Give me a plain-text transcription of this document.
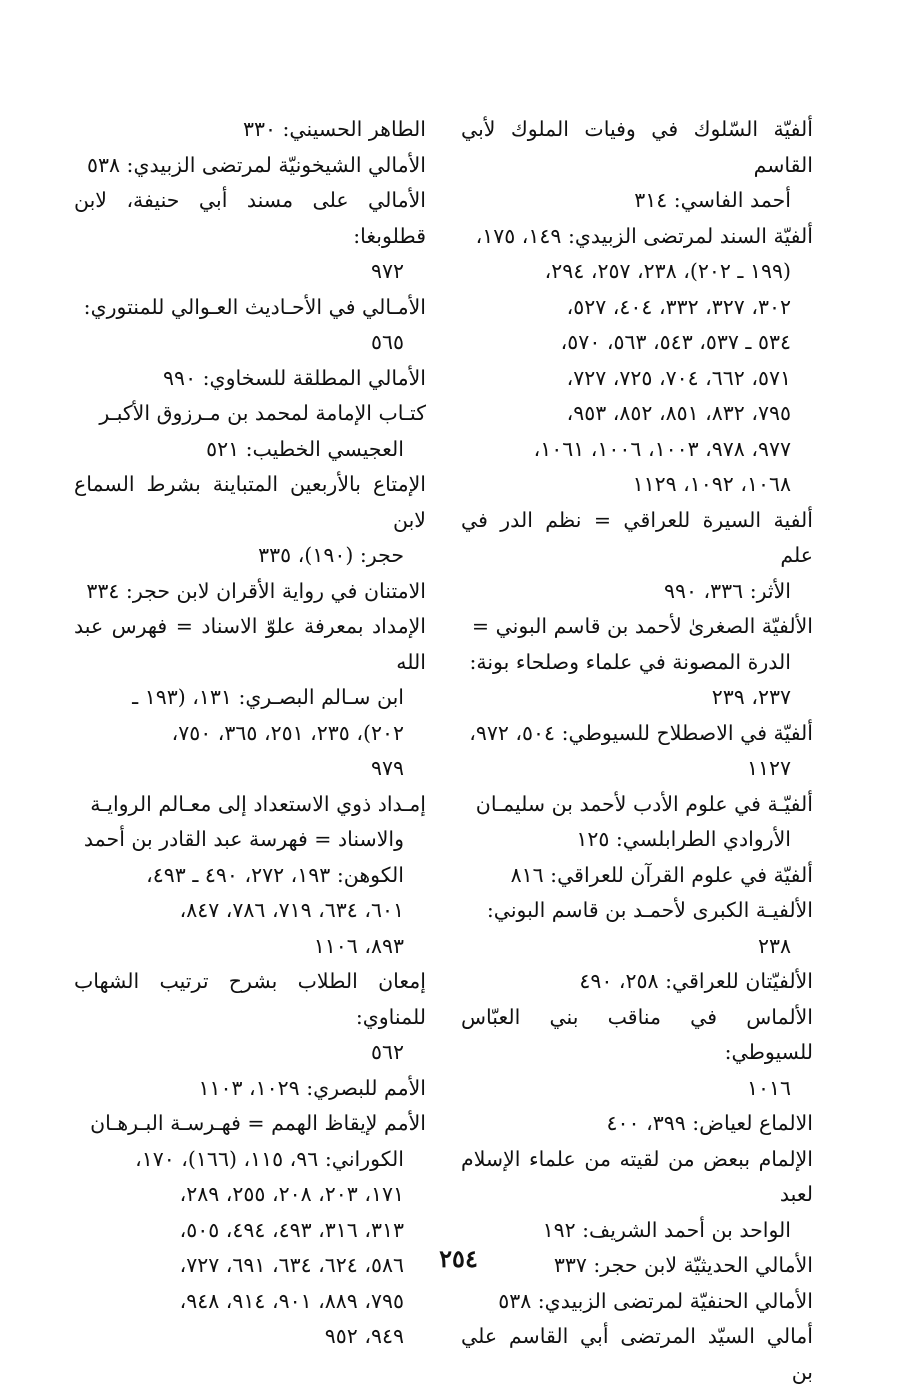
ألفيّة السّلوك في وفيات الملوك لأبي القاسم
أحمد الفاسي: ٣١٤
ألفيّة السند لمرتضى الزبيدي: ١٤٩، ١٧٥،
(١٩٩ ـ ٢٠٢)، ٢٣٨، ٢٥٧، ٢٩٤،
٣٠٢، ٣٢٧، ٣٣٢، ٤٠٤، ٥٢٧،
٥٣٤ ـ ٥٣٧، ٥٤٣، ٥٦٣، ٥٧٠،
٥٧١، ٦٦٢، ٧٠٤، ٧٢٥، ٧٢٧،
٧٩٥، ٨٣٢، ٨٥١، ٨٥٢، ٩٥٣،
٩٧٧، ٩٧٨، ١٠٠٣، ١٠٠٦، ١٠٦١،
١٠٦٨، ١٠٩٢، ١١٢٩
ألفية السيرة للعراقي = نظم الدر في علم
الأثر: ٣٣٦، ٩٩٠
الألفيّة الصغرىٰ لأحمد بن قاسم البوني =
الدرة المصونة في علماء وصلحاء بونة:
٢٣٧، ٢٣٩
ألفيّة في الاصطلاح للسيوطي: ٥٠٤، ٩٧٢،
١١٢٧
ألفيّـة في علوم الأدب لأحمد بن سليمـان
الأروادي الطرابلسي: ١٢٥
ألفيّة في علوم القرآن للعراقي: ٨١٦
الألفيـة الكبرى لأحمـد بن قاسم البوني:
٢٣٨
الألفيّتان للعراقي: ٢٥٨، ٤٩٠
الألماس في مناقب بني العبّاس للسيوطي:
١٠١٦
الالماع لعياض: ٣٩٩، ٤٠٠
الإلمام ببعض من لقيته من علماء الإسلام لعبد
الواحد بن أحمد الشريف: ١٩٢
الأمالي الحديثيّة لابن حجر: ٣٣٧
الأمالي الحنفيّة لمرتضى الزبيدي: ٥٣٨
أمالي السيّد المرتضى أبي القاسم علي بن
الطاهر الحسيني: ٣٣٠
الأمالي الشيخونيّة لمرتضى الزبيدي: ٥٣٨
الأمالي على مسند أبي حنيفة، لابن قطلوبغا:
٩٧٢
الأمـالي في الأحـاديث العـوالي للمنتوري:
٥٦٥
الأمالي المطلقة للسخاوي: ٩٩٠
كتـاب الإمامة لمحمد بن مـرزوق الأكبـر
العجيسي الخطيب: ٥٢١
الإمتاع بالأربعين المتباينة بشرط السماع لابن
حجر: (١٩٠)، ٣٣٥
الامتنان في رواية الأقران لابن حجر: ٣٣٤
الإمداد بمعرفة علوّ الاسناد = فهرس عبد الله
ابن سـالم البصـري: ١٣١، (١٩٣ ـ
٢٠٢)، ٢٣٥، ٢٥١، ٣٦٥، ٧٥٠،
٩٧٩
إمـداد ذوي الاستعداد إلى معـالم الروايـة
والاسناد = فهرسة عبد القادر بن أحمد
الكوهن: ١٩٣، ٢٧٢، ٤٩٠ ـ ٤٩٣،
٦٠١، ٦٣٤، ٧١٩، ٧٨٦، ٨٤٧،
٨٩٣، ١١٠٦
إمعان الطلاب بشرح ترتيب الشهاب للمناوي:
٥٦٢
الأمم للبصري: ١٠٢٩، ١١٠٣
الأمم لإيقاظ الهمم = فهـرسـة البـرهـان
الكوراني: ٩٦، ١١٥، (١٦٦)، ١٧٠،
١٧١، ٢٠٣، ٢٠٨، ٢٥٥، ٢٨٩،
٣١٣، ٣١٦، ٤٩٣، ٤٩٤، ٥٠٥،
٥٨٦، ٦٢٤، ٦٣٤، ٦٩١، ٧٢٧،
٧٩٥، ٨٨٩، ٩٠١، ٩١٤، ٩٤٨،
٩٤٩، ٩٥٢
٢٥٤
